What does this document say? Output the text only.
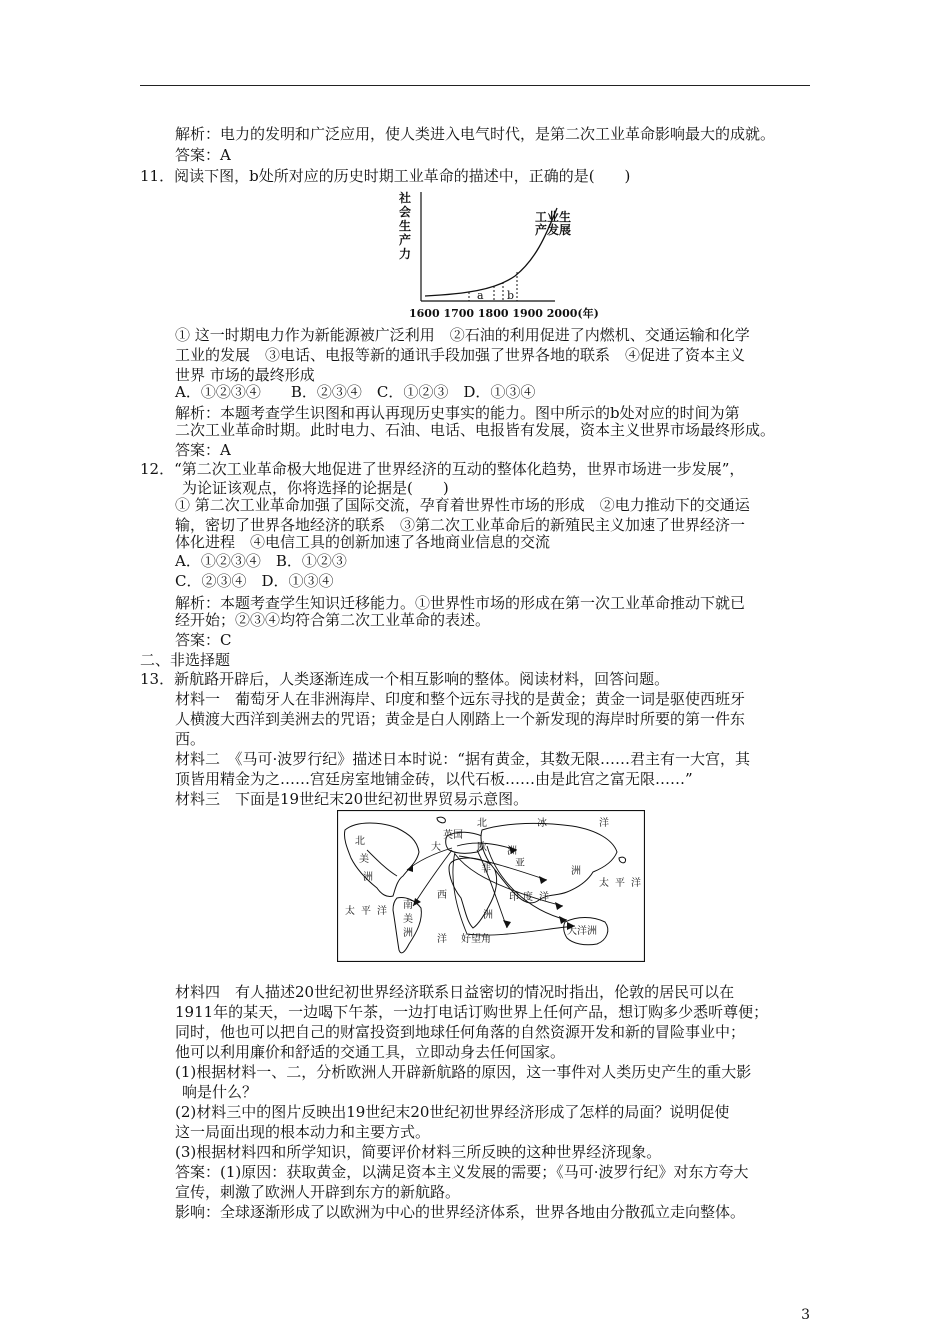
解析：电力的发明和广泛应用，使人类进入电气时代，是第二次工业革命影响最大的成就。
答案：A
11．阅读下图，b处所对应的历史时期工业革命的描述中，正确的是(　　)
社
会
生
产
力
a b
工业生
产发展
1600 1700 1800 1900 2000(年)
① 这一时期电力作为新能源被广泛利用　②石油的利用促进了内燃机、交通运输和化学
工业的发展　③电话、电报等新的通讯手段加强了世界各地的联系　④促进了资本主义
世界 市场的最终形成
A．①②③④　　B．②③④　C．①②③　D．①③④
解析：本题考查学生识图和再认再现历史事实的能力。图中所示的b处对应的时间为第
二次工业革命时期。此时电力、石油、电话、电报皆有发展，资本主义世界市场最终形成。
答案：A
12．“第二次工业革命极大地促进了世界经济的互动的整体化趋势，世界市场进一步发展”，
为论证该观点，你将选择的论据是(　　)
① 第二次工业革命加强了国际交流，孕育着世界性市场的形成　②电力推动下的交通运
输，密切了世界各地经济的联系　③第二次工业革命后的新殖民主义加速了世界经济一
体化进程　④电信工具的创新加速了各地商业信息的交流
A．①②③④　B．①②③
C．②③④　D．①③④
解析：本题考查学生知识迁移能力。①世界性市场的形成在第一次工业革命推动下就已
经开始；②③④均符合第二次工业革命的表述。
答案：C
二、非选择题
13．新航路开辟后，人类逐渐连成一个相互影响的整体。阅读材料，回答问题。
材料一　葡萄牙人在非洲海岸、印度和整个远东寻找的是黄金；黄金一词是驱使西班牙
人横渡大西洋到美洲去的咒语；黄金是白人刚踏上一个新发现的海岸时所要的第一件东
西。
材料二　《马可·波罗行纪》描述日本时说：“据有黄金，其数无限……君主有一大宫，其
顶皆用精金为之……宫廷房室地铺金砖，以代石板……由是此宫之富无限……”
材料三　下面是19世纪末20世纪初世界贸易示意图。
北	冰	洋
北
美
洲
大
西
英国
欧 洲
亚
洲
非
洲
太 平 洋
南
美
洲
印 度 洋
洋 好望角
大洋洲
太 平 洋
材料四　有人描述20世纪初世界经济联系日益密切的情况时指出，伦敦的居民可以在
1911年的某天，一边喝下午茶，一边打电话订购世界上任何产品，想订购多少悉听尊便；
同时，他也可以把自己的财富投资到地球任何角落的自然资源开发和新的冒险事业中；
他可以利用廉价和舒适的交通工具，立即动身去任何国家。
(1)根据材料一、二，分析欧洲人开辟新航路的原因，这一事件对人类历史产生的重大影
响是什么？
(2)材料三中的图片反映出19世纪末20世纪初世界经济形成了怎样的局面？说明促使
这一局面出现的根本动力和主要方式。
(3)根据材料四和所学知识，简要评价材料三所反映的这种世界经济现象。
答案：(1)原因：获取黄金，以满足资本主义发展的需要；《马可·波罗行纪》对东方夸大
宣传，刺激了欧洲人开辟到东方的新航路。
影响：全球逐渐形成了以欧洲为中心的世界经济体系，世界各地由分散孤立走向整体。
3
